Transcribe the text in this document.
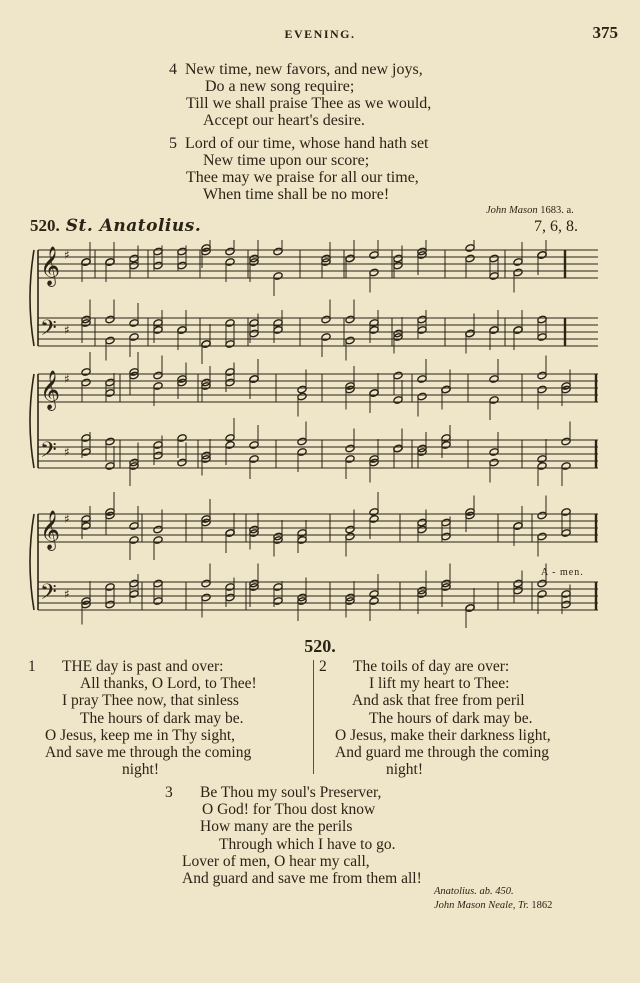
EVENING.	375
4 New time, new favors, and new joys,
Do a new song require;
Till we shall praise Thee as we would,
Accept our heart's desire.
5 Lord of our time, whose hand hath set
New time upon our score;
Thee may we praise for all our time,
When time shall be no more!
John Mason 1683. a.
520. St. Anatolius.	7, 6, 8.
𝄞 ♯
𝄢 ♯
𝄞 ♯
𝄢 ♯
𝄞 ♯
𝄢 ♯
A - men.
520.
1 THE day is past and over:
All thanks, O Lord, to Thee!
I pray Thee now, that sinless
The hours of dark may be.
O Jesus, keep me in Thy sight,
And save me through the coming
night!
2 The toils of day are over:
I lift my heart to Thee:
And ask that free from peril
The hours of dark may be.
O Jesus, make their darkness light,
And guard me through the coming
night!
3 Be Thou my soul's Preserver,
O God! for Thou dost know
How many are the perils
Through which I have to go.
Lover of men, O hear my call,
And guard and save me from them all!
Anatolius. ab. 450.
John Mason Neale, Tr. 1862
